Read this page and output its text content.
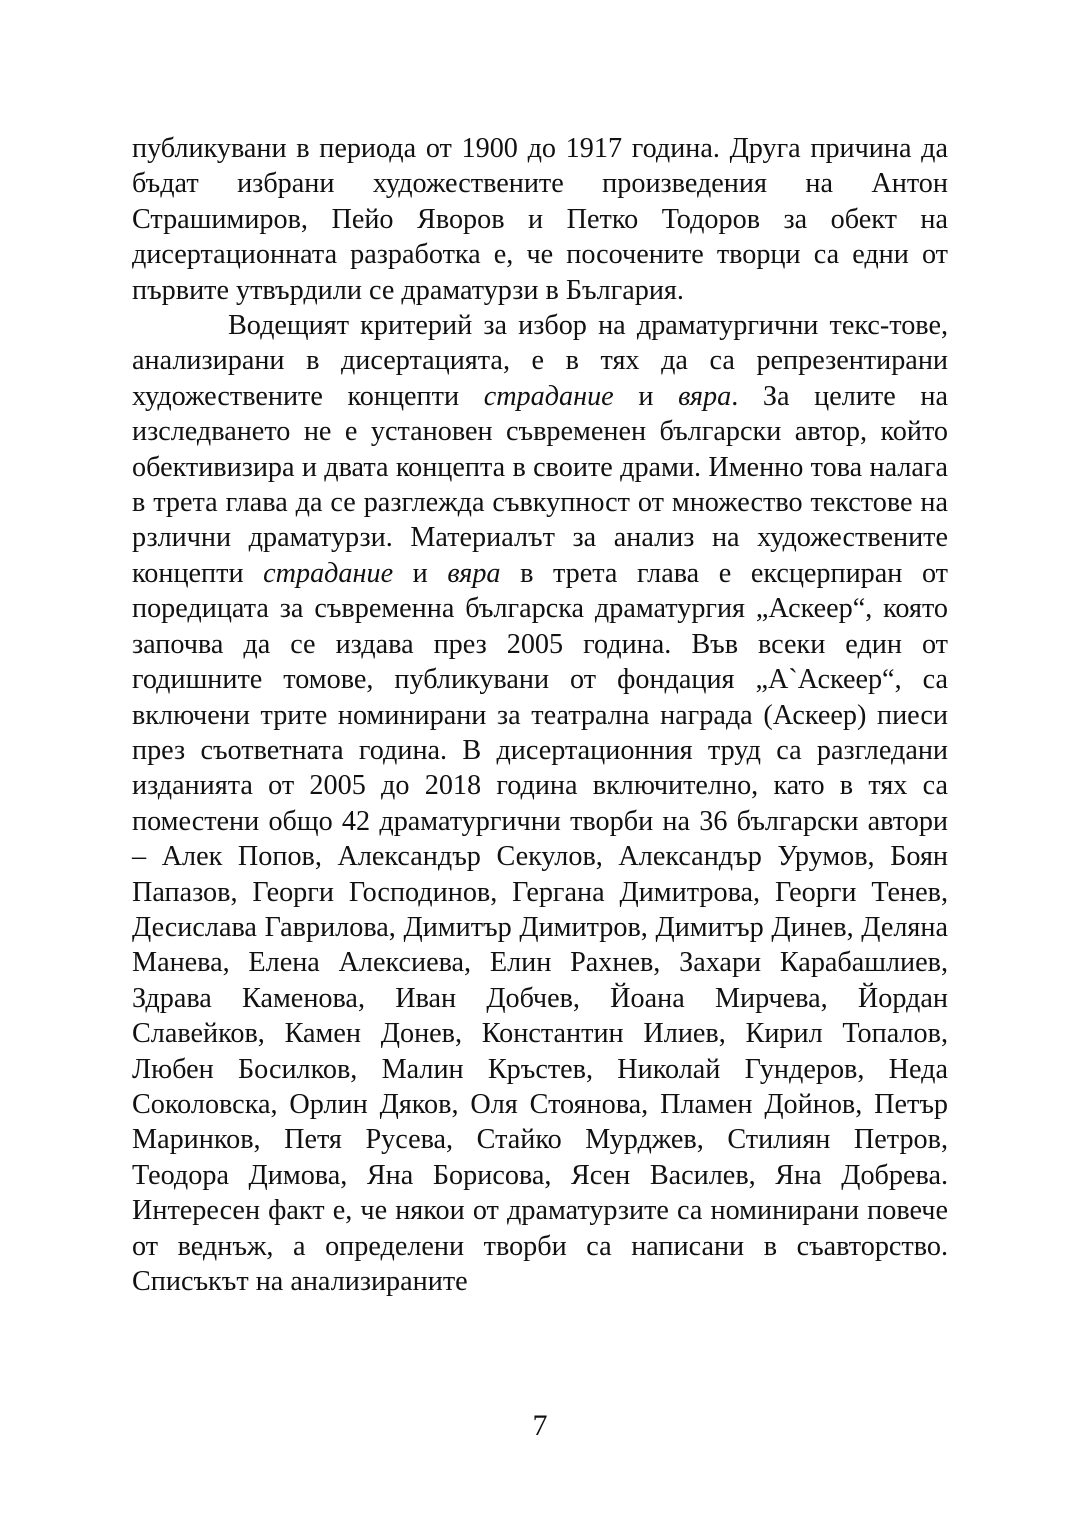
публикувани в периода от 1900 до 1917 година. Друга причина да бъдат избрани художествените произведения на Антон Страшимиров, Пейо Яворов и Петко Тодоров за обект на дисертационната разработка е, че посочените творци са едни от първите утвърдили се драматурзи в България.

Водещият критерий за избор на драматургични текс-тове, анализирани в дисертацията, е в тях да са репрезентирани художествените концепти страдание и вяра. За целите на изследването не е установен съвременен български автор, който обективизира и двата концепта в своите драми. Именно това налага в трета глава да се разглежда съвкупност от множество текстове на рзлични драматурзи. Материалът за анализ на художествените концепти страдание и вяра в трета глава е ексцерпиран от поредицата за съвременна българска драматургия „Аскеер“, която започва да се издава през 2005 година. Във всеки един от годишните томове, публикувани от фондация „А`Аскеер“, са включени трите номинирани за театрална награда (Аскеер) пиеси през съответната година. В дисертационния труд са разгледани изданията от 2005 до 2018 година включително, като в тях са поместени общо 42 драматургични творби на 36 български автори – Алек Попов, Александър Секулов, Александър Урумов, Боян Папазов, Георги Господинов, Гергана Димитрова, Георги Тенев, Десислава Гаврилова, Димитър Димитров, Димитър Динев, Деляна Манева, Елена Алексиева, Елин Рахнев, Захари Карабашлиев, Здрава Каменова, Иван Добчев, Йоана Мирчева, Йордан Славейков, Камен Донев, Константин Илиев, Кирил Топалов, Любен Босилков, Малин Кръстев, Николай Гундеров, Неда Соколовска, Орлин Дяков, Оля Стоянова, Пламен Дойнов, Петър Маринков, Петя Русева, Стайко Мурджев, Стилиян Петров, Теодора Димова, Яна Борисова, Ясен Василев, Яна Добрева. Интересен факт е, че някои от драматурзите са номинирани повече от веднъж, а определени творби са написани в съавторство. Списъкът на анализираните

7
